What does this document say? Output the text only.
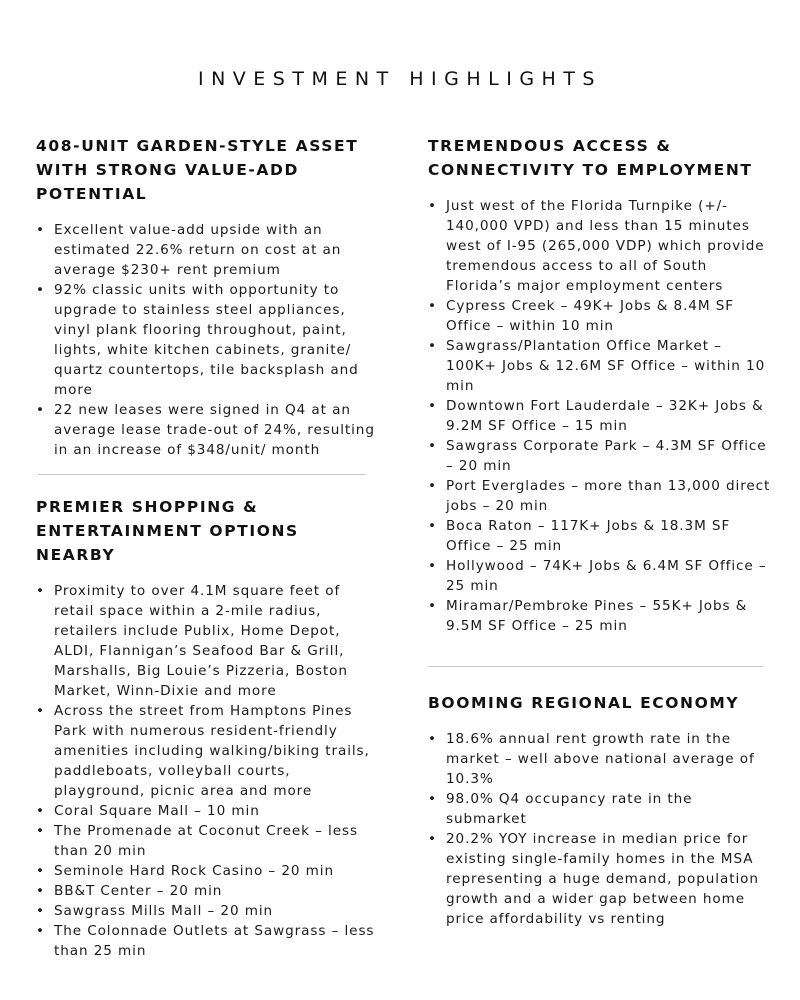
INVESTMENT HIGHLIGHTS
408-UNIT GARDEN-STYLE ASSET WITH STRONG VALUE-ADD POTENTIAL
• Excellent value-add upside with an estimated 22.6% return on cost at an average $230+ rent premium
• 92% classic units with opportunity to upgrade to stainless steel appliances, vinyl plank flooring throughout, paint, lights, white kitchen cabinets, granite/ quartz countertops, tile backsplash and more
• 22 new leases were signed in Q4 at an average lease trade-out of 24%, resulting in an increase of $348/unit/ month
PREMIER SHOPPING & ENTERTAINMENT OPTIONS NEARBY
• Proximity to over 4.1M square feet of retail space within a 2-mile radius, retailers include Publix, Home Depot, ALDI, Flannigan’s Seafood Bar & Grill, Marshalls, Big Louie’s Pizzeria, Boston Market, Winn-Dixie and more
• Across the street from Hamptons Pines Park with numerous resident-friendly amenities including walking/biking trails, paddleboats, volleyball courts, playground, picnic area and more
• Coral Square Mall – 10 min
• The Promenade at Coconut Creek – less than 20 min
• Seminole Hard Rock Casino – 20 min
• BB&T Center – 20 min
• Sawgrass Mills Mall – 20 min
• The Colonnade Outlets at Sawgrass – less than 25 min
TREMENDOUS ACCESS & CONNECTIVITY TO EMPLOYMENT
• Just west of the Florida Turnpike (+/- 140,000 VPD) and less than 15 minutes west of I-95 (265,000 VDP) which provide tremendous access to all of South Florida’s major employment centers
• Cypress Creek – 49K+ Jobs & 8.4M SF Office – within 10 min
• Sawgrass/Plantation Office Market – 100K+ Jobs & 12.6M SF Office – within 10 min
• Downtown Fort Lauderdale – 32K+ Jobs & 9.2M SF Office – 15 min
• Sawgrass Corporate Park – 4.3M SF Office – 20 min
• Port Everglades – more than 13,000 direct jobs – 20 min
• Boca Raton – 117K+ Jobs & 18.3M SF Office – 25 min
• Hollywood – 74K+ Jobs & 6.4M SF Office – 25 min
• Miramar/Pembroke Pines – 55K+ Jobs & 9.5M SF Office – 25 min
BOOMING REGIONAL ECONOMY
• 18.6% annual rent growth rate in the market – well above national average of 10.3%
• 98.0% Q4 occupancy rate in the submarket
• 20.2% YOY increase in median price for existing single-family homes in the MSA representing a huge demand, population growth and a wider gap between home price affordability vs renting
